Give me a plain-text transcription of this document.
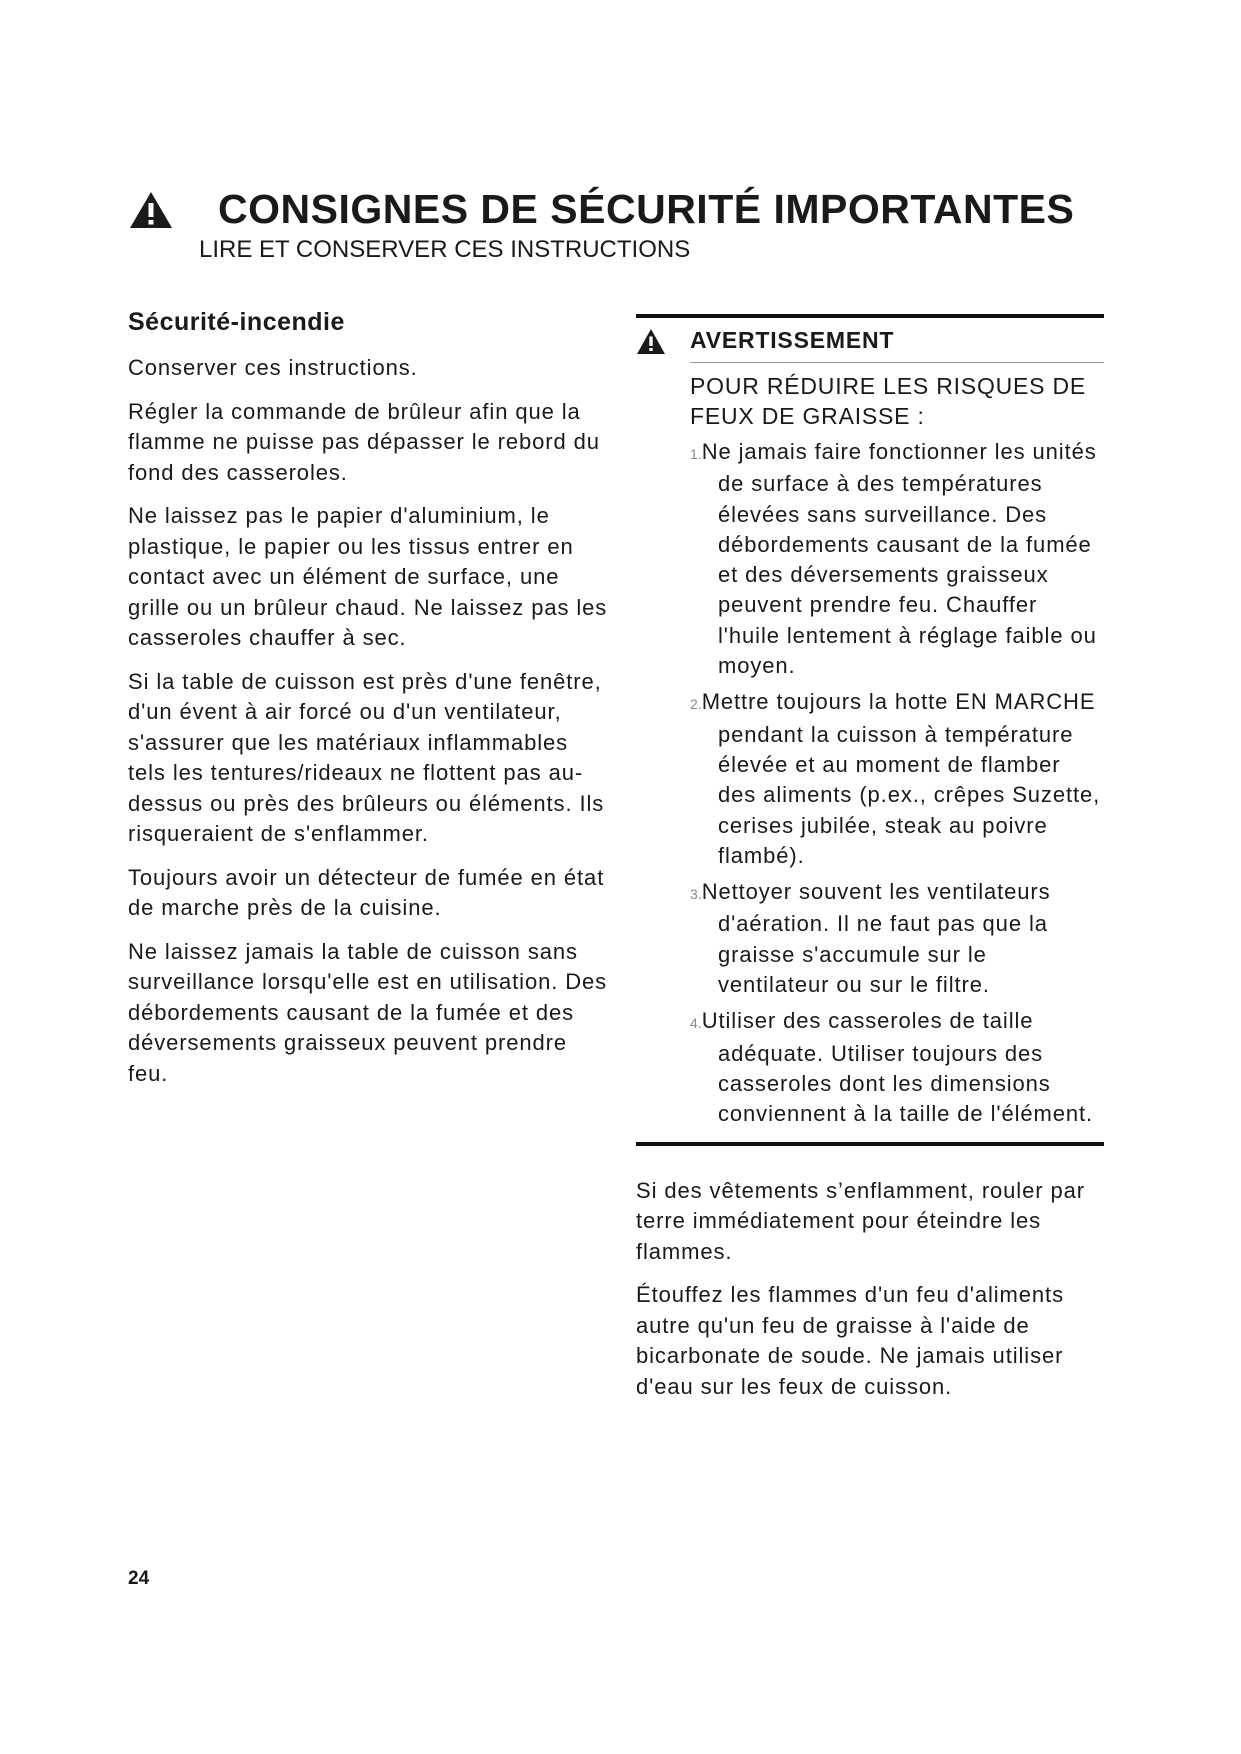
CONSIGNES DE SÉCURITÉ IMPORTANTES
LIRE ET CONSERVER CES INSTRUCTIONS
Sécurité-incendie

Conserver ces instructions.

Régler la commande de brûleur afin que la flamme ne puisse pas dépasser le rebord du fond des casseroles.

Ne laissez pas le papier d'aluminium, le plastique, le papier ou les tissus entrer en contact avec un élément de surface, une grille ou un brûleur chaud. Ne laissez pas les casseroles chauffer à sec.

Si la table de cuisson est près d'une fenêtre, d'un évent à air forcé ou d'un ventilateur, s'assurer que les matériaux inflammables tels les tentures/rideaux ne flottent pas au-dessus ou près des brûleurs ou éléments. Ils risqueraient de s'enflammer.

Toujours avoir un détecteur de fumée en état de marche près de la cuisine.

Ne laissez jamais la table de cuisson sans surveillance lorsqu'elle est en utilisation. Des débordements causant de la fumée et des déversements graisseux peuvent prendre feu.

AVERTISSEMENT
POUR RÉDUIRE LES RISQUES DE FEUX DE GRAISSE :
1.Ne jamais faire fonctionner les unités de surface à des températures élevées sans surveillance. Des débordements causant de la fumée et des déversements graisseux peuvent prendre feu. Chauffer l'huile lentement à réglage faible ou moyen.
2.Mettre toujours la hotte EN MARCHE pendant la cuisson à température élevée et au moment de flamber des aliments (p.ex., crêpes Suzette, cerises jubilée, steak au poivre flambé).
3.Nettoyer souvent les ventilateurs d'aération. Il ne faut pas que la graisse s'accumule sur le ventilateur ou sur le filtre.
4.Utiliser des casseroles de taille adéquate. Utiliser toujours des casseroles dont les dimensions conviennent à la taille de l'élément.

Si des vêtements s’enflamment, rouler par terre immédiatement pour éteindre les flammes.

Étouffez les flammes d'un feu d'aliments autre qu'un feu de graisse à l'aide de bicarbonate de soude. Ne jamais utiliser d'eau sur les feux de cuisson.

24
